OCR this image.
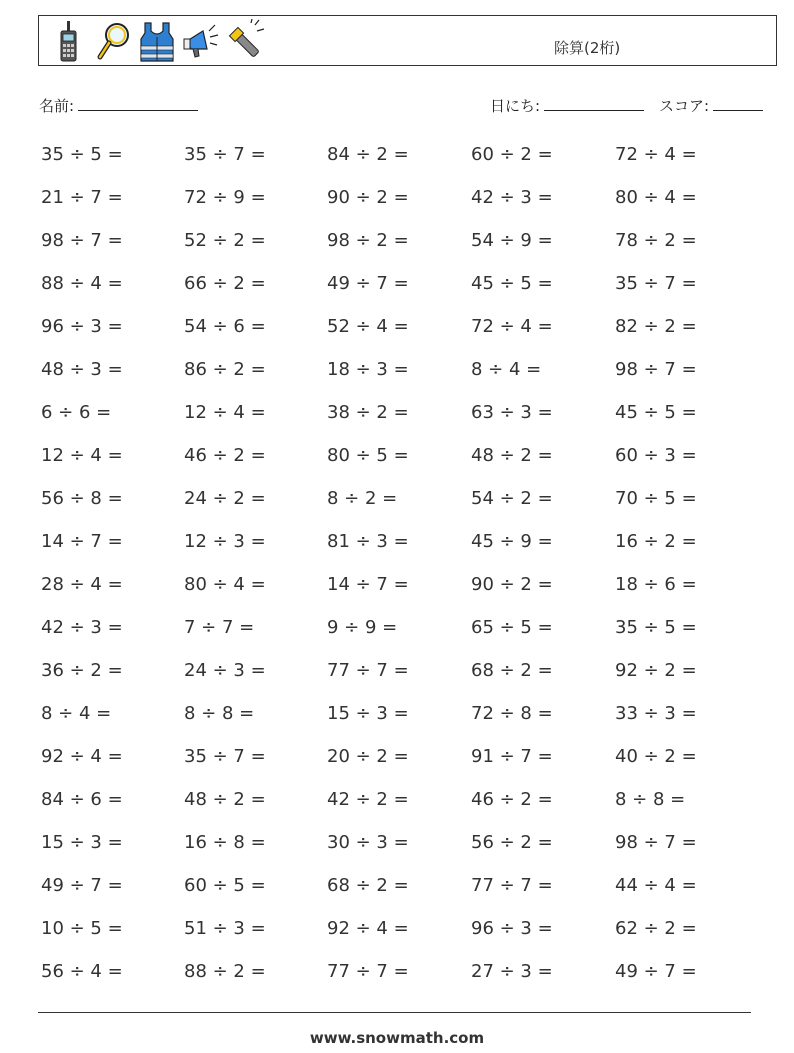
除算(2桁)
名前:	日にち:	スコア:
35 ÷ 5 =	35 ÷ 7 =	84 ÷ 2 =	60 ÷ 2 =	72 ÷ 4 =
21 ÷ 7 =	72 ÷ 9 =	90 ÷ 2 =	42 ÷ 3 =	80 ÷ 4 =
98 ÷ 7 =	52 ÷ 2 =	98 ÷ 2 =	54 ÷ 9 =	78 ÷ 2 =
88 ÷ 4 =	66 ÷ 2 =	49 ÷ 7 =	45 ÷ 5 =	35 ÷ 7 =
96 ÷ 3 =	54 ÷ 6 =	52 ÷ 4 =	72 ÷ 4 =	82 ÷ 2 =
48 ÷ 3 =	86 ÷ 2 =	18 ÷ 3 =	8 ÷ 4 =	98 ÷ 7 =
6 ÷ 6 =	12 ÷ 4 =	38 ÷ 2 =	63 ÷ 3 =	45 ÷ 5 =
12 ÷ 4 =	46 ÷ 2 =	80 ÷ 5 =	48 ÷ 2 =	60 ÷ 3 =
56 ÷ 8 =	24 ÷ 2 =	8 ÷ 2 =	54 ÷ 2 =	70 ÷ 5 =
14 ÷ 7 =	12 ÷ 3 =	81 ÷ 3 =	45 ÷ 9 =	16 ÷ 2 =
28 ÷ 4 =	80 ÷ 4 =	14 ÷ 7 =	90 ÷ 2 =	18 ÷ 6 =
42 ÷ 3 =	7 ÷ 7 =	9 ÷ 9 =	65 ÷ 5 =	35 ÷ 5 =
36 ÷ 2 =	24 ÷ 3 =	77 ÷ 7 =	68 ÷ 2 =	92 ÷ 2 =
8 ÷ 4 =	8 ÷ 8 =	15 ÷ 3 =	72 ÷ 8 =	33 ÷ 3 =
92 ÷ 4 =	35 ÷ 7 =	20 ÷ 2 =	91 ÷ 7 =	40 ÷ 2 =
84 ÷ 6 =	48 ÷ 2 =	42 ÷ 2 =	46 ÷ 2 =	8 ÷ 8 =
15 ÷ 3 =	16 ÷ 8 =	30 ÷ 3 =	56 ÷ 2 =	98 ÷ 7 =
49 ÷ 7 =	60 ÷ 5 =	68 ÷ 2 =	77 ÷ 7 =	44 ÷ 4 =
10 ÷ 5 =	51 ÷ 3 =	92 ÷ 4 =	96 ÷ 3 =	62 ÷ 2 =
56 ÷ 4 =	88 ÷ 2 =	77 ÷ 7 =	27 ÷ 3 =	49 ÷ 7 =
www.snowmath.com
